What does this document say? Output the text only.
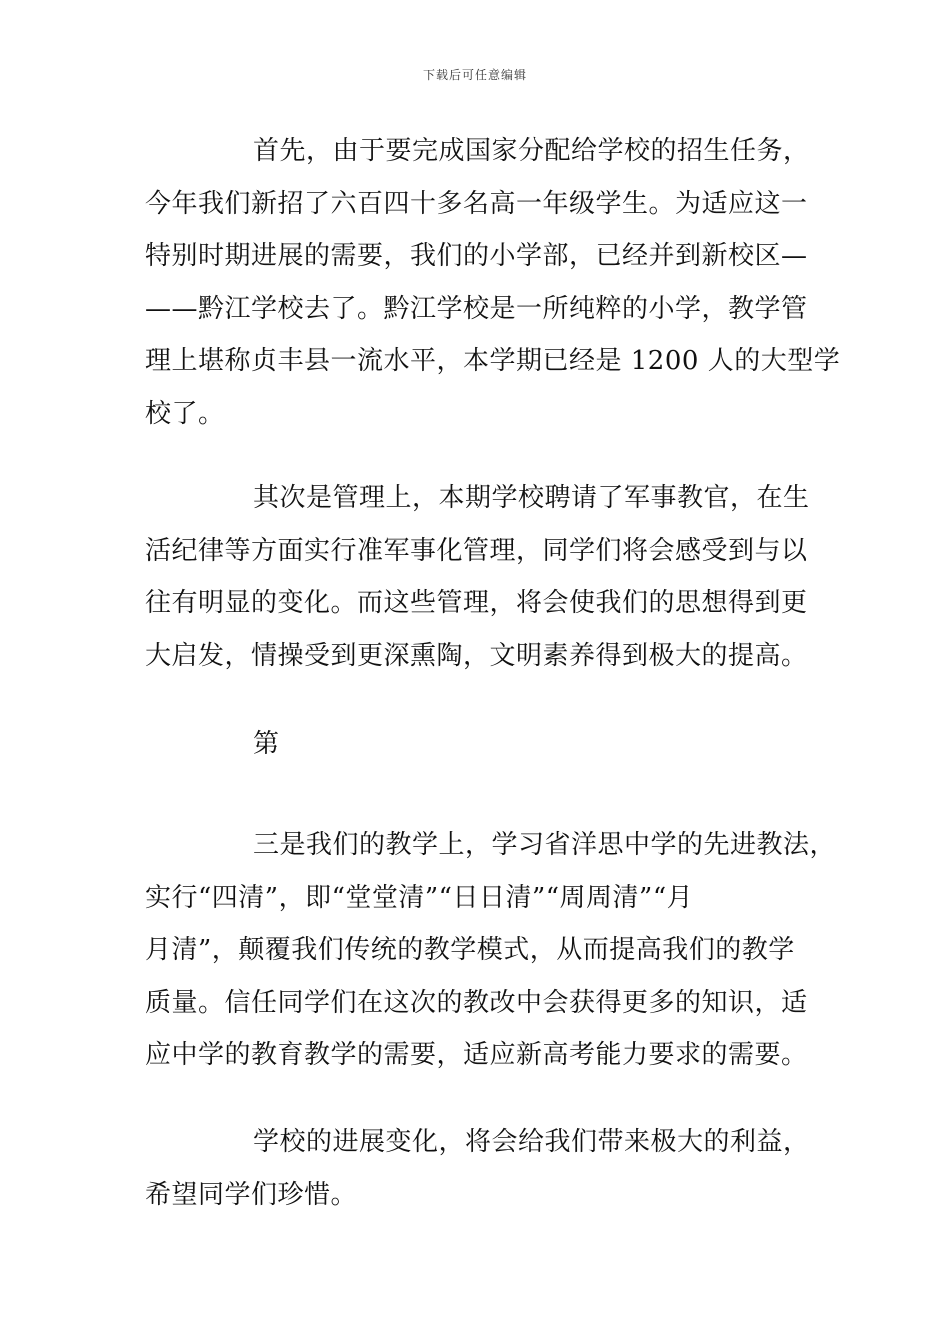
下载后可任意编辑
首先，由于要完成国家分配给学校的招生任务，
今年我们新招了六百四十多名高一年级学生。为适应这一
特别时期进展的需要，我们的小学部，已经并到新校区—
——黔江学校去了。黔江学校是一所纯粹的小学，教学管
理上堪称贞丰县一流水平，本学期已经是 1200 人的大型学
校了。
其次是管理上，本期学校聘请了军事教官，在生
活纪律等方面实行准军事化管理，同学们将会感受到与以
往有明显的变化。而这些管理，将会使我们的思想得到更
大启发，情操受到更深熏陶，文明素养得到极大的提高。
第
三是我们的教学上，学习省洋思中学的先进教法，
实行“四清”，即“堂堂清”“日日清”“周周清”“月
月清”，颠覆我们传统的教学模式，从而提高我们的教学
质量。信任同学们在这次的教改中会获得更多的知识，适
应中学的教育教学的需要，适应新高考能力要求的需要。
学校的进展变化，将会给我们带来极大的利益，
希望同学们珍惜。
